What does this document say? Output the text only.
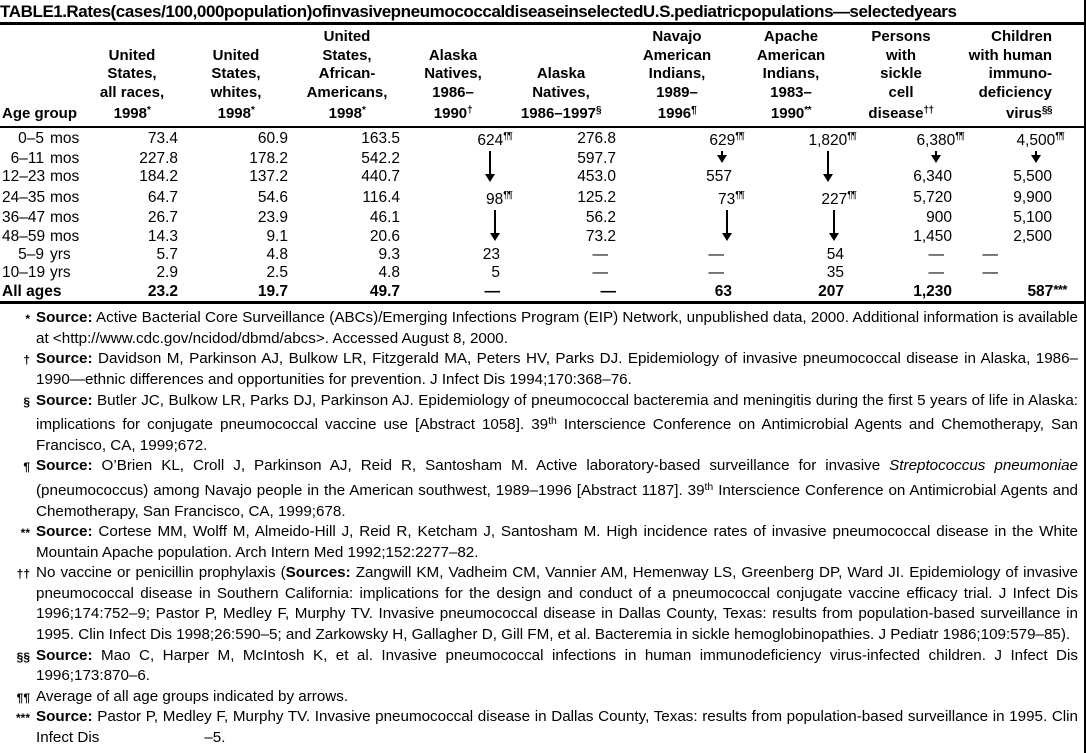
TABLE 1. Rates (cases/100,000 population) of invasive pneumococcal disease in selected U.S. pediatric populations — selected years
Age group	United
States,
all races,
1998*	United
States,
whites,
1998*	United
States,
African-
Americans,
1998*	Alaska
Natives,
1986–
1990†	Alaska
Natives,
1986–1997§	Navajo
American
Indians,
1989–
1996¶	Apache
American
Indians,
1983–
1990**	Persons
with
sickle
cell
disease††	Children
with human
immuno-
deficiency
virus§§	
0–5 mos	73.4	60.9	163.5	624¶¶	276.8	629¶¶	1,820¶¶	6,380¶¶	4,500¶¶	
6–11 mos	227.8	178.2	542.2		597.7					
12–23 mos	184.2	137.2	440.7		453.0	557		6,340	5,500	
24–35 mos	64.7	54.6	116.4	98¶¶	125.2	73¶¶	227¶¶	5,720	9,900	
36–47 mos	26.7	23.9	46.1		56.2			900	5,100	
48–59 mos	14.3	9.1	20.6		73.2			1,450	2,500	
5–9 yrs	5.7	4.8	9.3	23	—	—	54	—	—	
10–19 yrs	2.9	2.5	4.8	5	—	—	35	—	—	
All ages	23.2	19.7	49.7	—	—	63	207	1,230	587***	
* Source: Active Bacterial Core Surveillance (ABCs)/Emerging Infections Program (EIP) Network, unpublished data, 2000. Additional information is available at <http://www.cdc.gov/ncidod/dbmd/abcs>. Accessed August 8, 2000.
† Source: Davidson M, Parkinson AJ, Bulkow LR, Fitzgerald MA, Peters HV, Parks DJ. Epidemiology of invasive pneumococcal disease in Alaska, 1986–1990—ethnic differences and opportunities for prevention. J Infect Dis 1994;170:368–76.
§ Source: Butler JC, Bulkow LR, Parks DJ, Parkinson AJ. Epidemiology of pneumococcal bacteremia and meningitis during the first 5 years of life in Alaska: implications for conjugate pneumococcal vaccine use [Abstract 1058]. 39th Interscience Conference on Antimicrobial Agents and Chemotherapy, San Francisco, CA, 1999;672.
¶ Source: O’Brien KL, Croll J, Parkinson AJ, Reid R, Santosham M. Active laboratory-based surveillance for invasive Streptococcus pneumoniae (pneumococcus) among Navajo people in the American southwest, 1989–1996 [Abstract 1187]. 39th Interscience Conference on Antimicrobial Agents and Chemotherapy, San Francisco, CA, 1999;678.
** Source: Cortese MM, Wolff M, Almeido-Hill J, Reid R, Ketcham J, Santosham M. High incidence rates of invasive pneumococcal disease in the White Mountain Apache population. Arch Intern Med 1992;152:2277–82.
†† No vaccine or penicillin prophylaxis (Sources: Zangwill KM, Vadheim CM, Vannier AM, Hemenway LS, Greenberg DP, Ward JI. Epidemiology of invasive pneumococcal disease in Southern California: implications for the design and conduct of a pneumococcal conjugate vaccine efficacy trial. J Infect Dis 1996;174:752–9; Pastor P, Medley F, Murphy TV. Invasive pneumococcal disease in Dallas County, Texas: results from population-based surveillance in 1995. Clin Infect Dis 1998;26:590–5; and Zarkowsky H, Gallagher D, Gill FM, et al. Bacteremia in sickle hemoglobinopathies. J Pediatr 1986;109:579–85).
§§ Source: Mao C, Harper M, McIntosh K, et al. Invasive pneumococcal infections in human immunodeficiency virus-infected children. J Infect Dis 1996;173:870–6.
¶¶ Average of all age groups indicated by arrows.
*** Source: Pastor P, Medley F, Murphy TV. Invasive pneumococcal disease in Dallas County, Texas: results from population-based surveillance in 1995. Clin Infect Dis	–5.
